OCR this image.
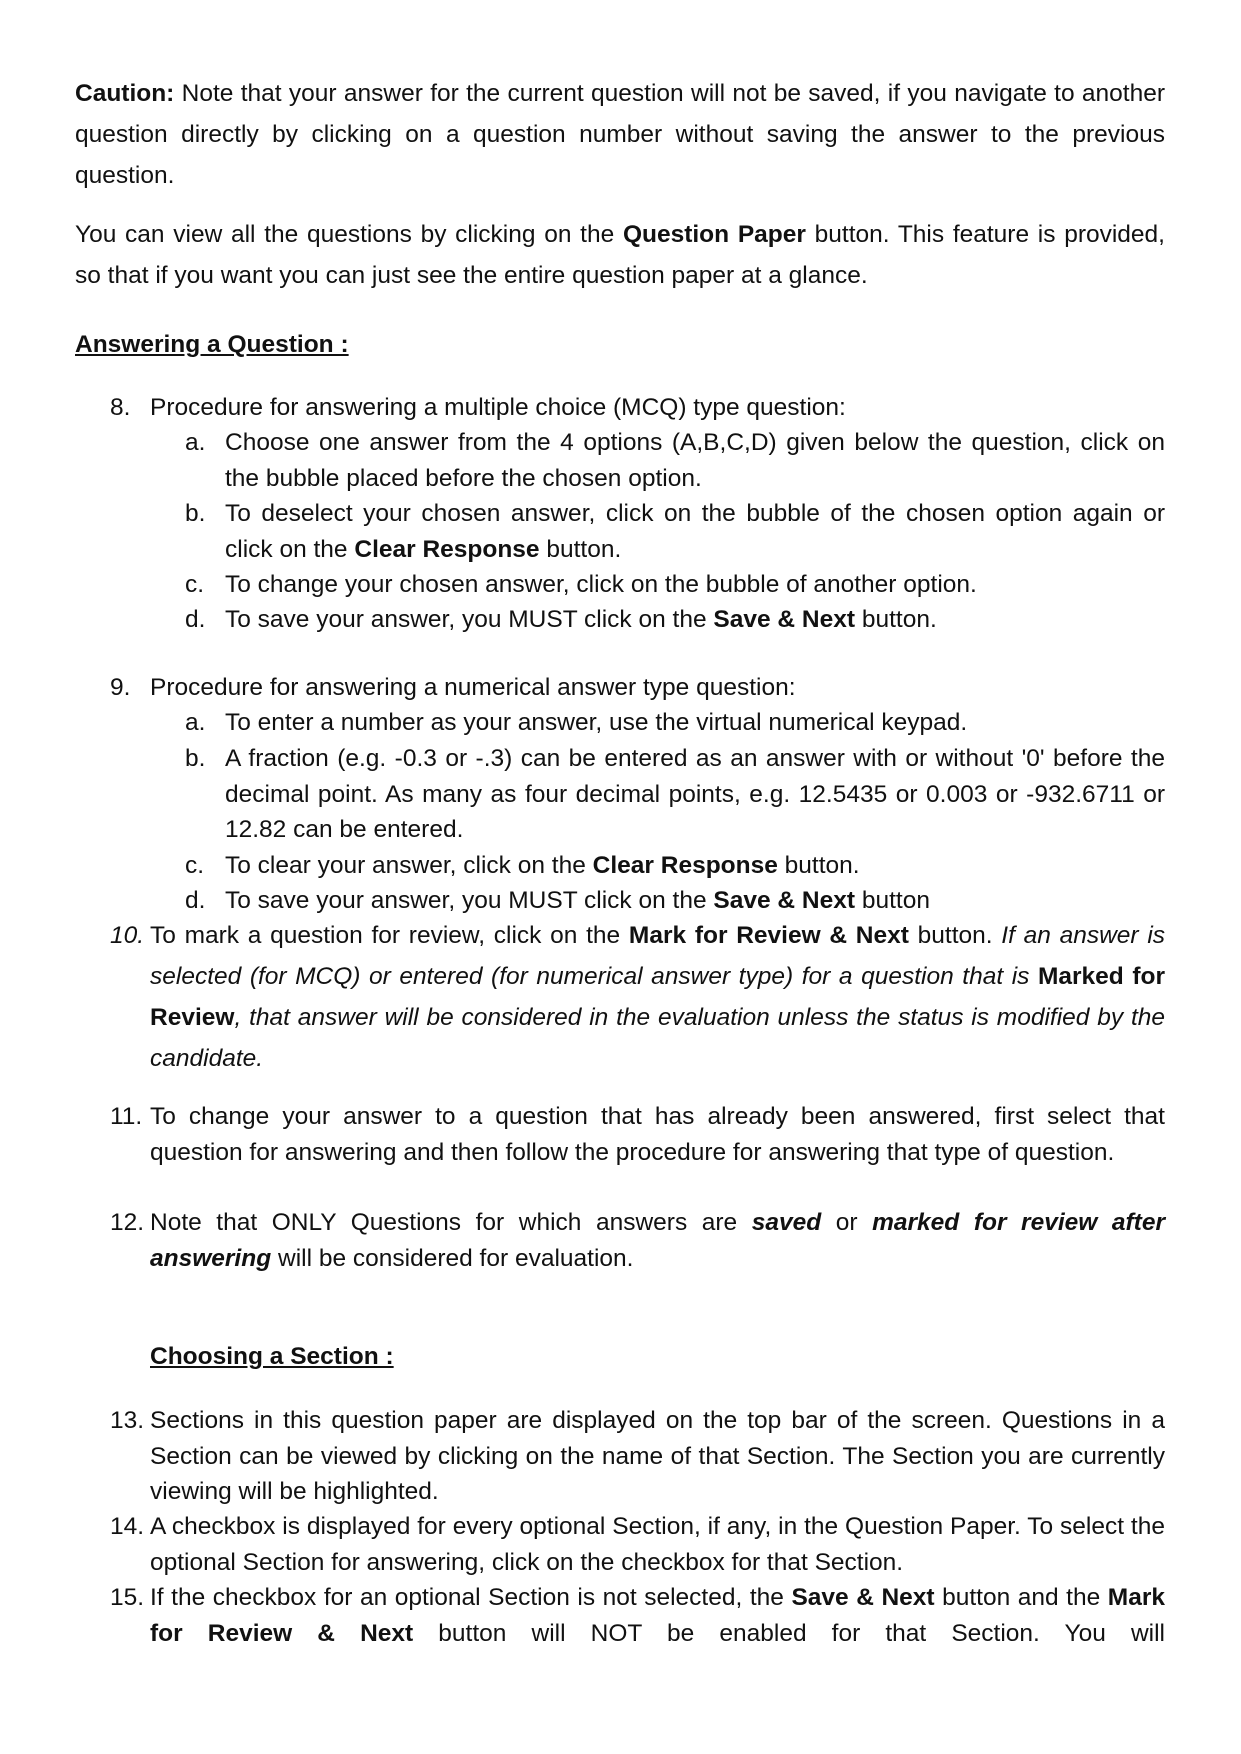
Caution: Note that your answer for the current question will not be saved, if you navigate to another question directly by clicking on a question number without saving the answer to the previous question.

You can view all the questions by clicking on the Question Paper button. This feature is provided, so that if you want you can just see the entire question paper at a glance.

Answering a Question :

8. Procedure for answering a multiple choice (MCQ) type question:
a. Choose one answer from the 4 options (A,B,C,D) given below the question, click on the bubble placed before the chosen option.
b. To deselect your chosen answer, click on the bubble of the chosen option again or click on the Clear Response button.
c. To change your chosen answer, click on the bubble of another option.
d. To save your answer, you MUST click on the Save & Next button.
9. Procedure for answering a numerical answer type question:
a. To enter a number as your answer, use the virtual numerical keypad.
b. A fraction (e.g. -0.3 or -.3) can be entered as an answer with or without '0' before the decimal point. As many as four decimal points, e.g. 12.5435 or 0.003 or -932.6711 or 12.82 can be entered.
c. To clear your answer, click on the Clear Response button.
d. To save your answer, you MUST click on the Save & Next button
10. To mark a question for review, click on the Mark for Review & Next button. If an answer is selected (for MCQ) or entered (for numerical answer type) for a question that is Marked for Review, that answer will be considered in the evaluation unless the status is modified by the candidate.
11. To change your answer to a question that has already been answered, first select that question for answering and then follow the procedure for answering that type of question.
12. Note that ONLY Questions for which answers are saved or marked for review after answering will be considered for evaluation.

Choosing a Section :

13. Sections in this question paper are displayed on the top bar of the screen. Questions in a Section can be viewed by clicking on the name of that Section. The Section you are currently viewing will be highlighted.
14. A checkbox is displayed for every optional Section, if any, in the Question Paper. To select the optional Section for answering, click on the checkbox for that Section.
15. If the checkbox for an optional Section is not selected, the Save & Next button and the Mark for Review & Next button will NOT be enabled for that Section. You will
